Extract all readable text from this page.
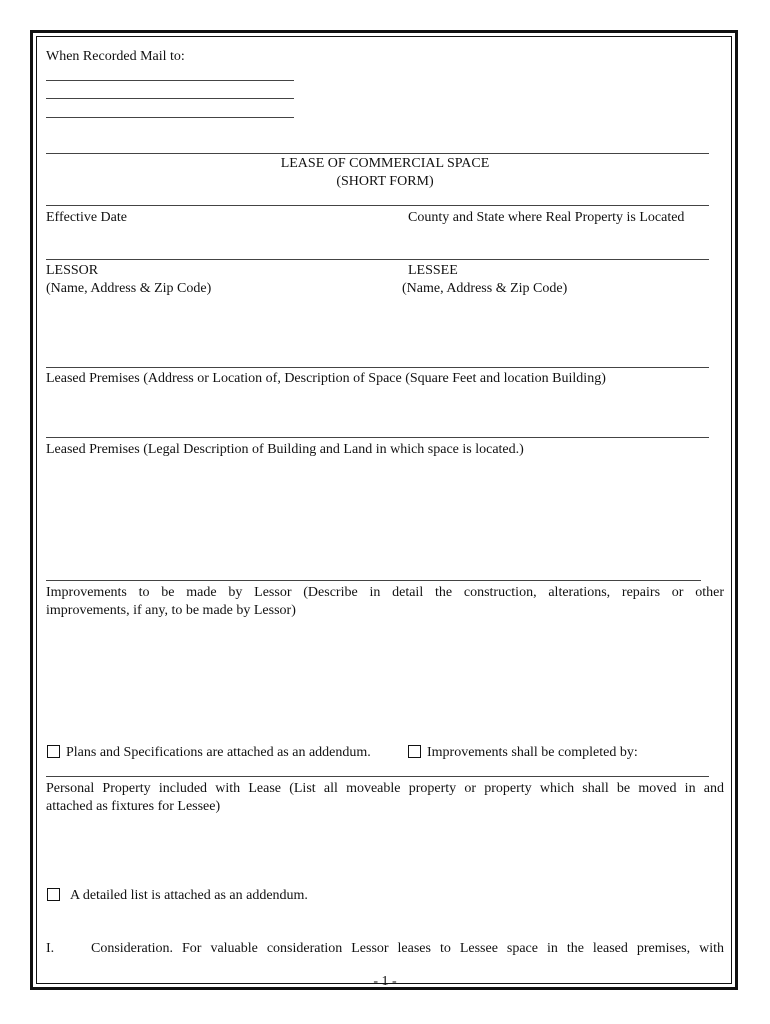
When Recorded Mail to:
LEASE OF COMMERCIAL SPACE
(SHORT FORM)
Effective Date	County and State where Real Property is Located
LESSOR
(Name, Address & Zip Code)
LESSEE
(Name, Address & Zip Code)
Leased Premises (Address or Location of, Description of Space (Square Feet and location Building)
Leased Premises (Legal Description of Building and Land in which space is located.)
Improvements to be made by Lessor (Describe in detail the construction, alterations, repairs or other
improvements, if any, to be made by Lessor)
Plans and Specifications are attached as an addendum.	Improvements shall be completed by:
Personal Property included with Lease (List all moveable property or property which shall be moved in and
attached as fixtures for Lessee)
A detailed list is attached as an addendum.
I.	Consideration. For valuable consideration Lessor leases to Lessee space in the leased premises, with
- 1 -
